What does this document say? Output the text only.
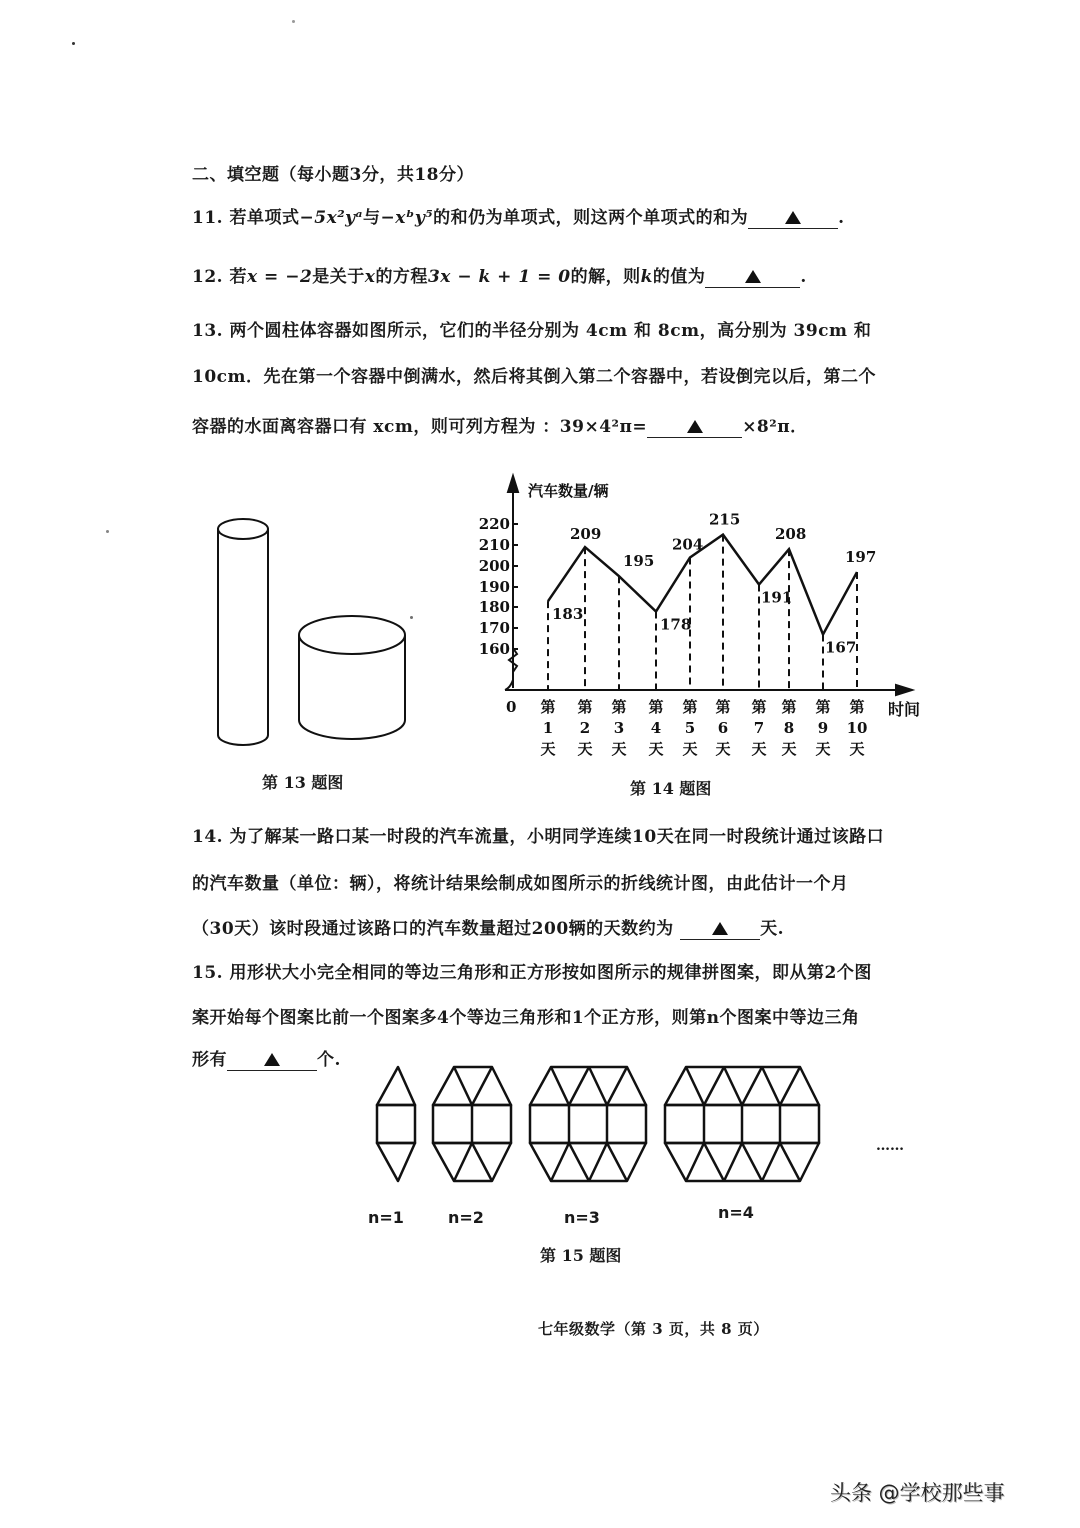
二、填空题（每小题3分，共18分）
11. 若单项式−5x²yᵃ与−xᵇy⁵的和仍为单项式，则这两个单项式的和为	.
12. 若x = −2是关于x的方程3x − k + 1 = 0的解，则k的值为	.
13. 两个圆柱体容器如图所示，它们的半径分别为 4cm 和 8cm，高分别为 39cm 和
10cm．先在第一个容器中倒满水，然后将其倒入第二个容器中，若设倒完以后，第二个
容器的水面离容器口有 xcm，则可列方程为 ：39×4²π=	×8²π．
第 13 题图
汽车数量/辆
220
210
200
190
180
170
160
0	时间
183
209
195
178
204
215
191
208
167
197
第
1
天
第
2
天
第
3
天
第
4
天
第
5
天
第
6
天
第
7
天
第
8
天
第
9
天
第
10
天
第 14 题图
14. 为了解某一路口某一时段的汽车流量，小明同学连续10天在同一时段统计通过该路口
的汽车数量（单位：辆），将统计结果绘制成如图所示的折线统计图，由此估计一个月
（30天）该时段通过该路口的汽车数量超过200辆的天数约为	天.
15. 用形状大小完全相同的等边三角形和正方形按如图所示的规律拼图案，即从第2个图
案开始每个图案比前一个图案多4个等边三角形和1个正方形，则第n个图案中等边三角
形有	个.
……
n=1	n=2	n=3	n=4
第 15 题图
七年级数学（第 3 页，共 8 页）
头条 @学校那些事
